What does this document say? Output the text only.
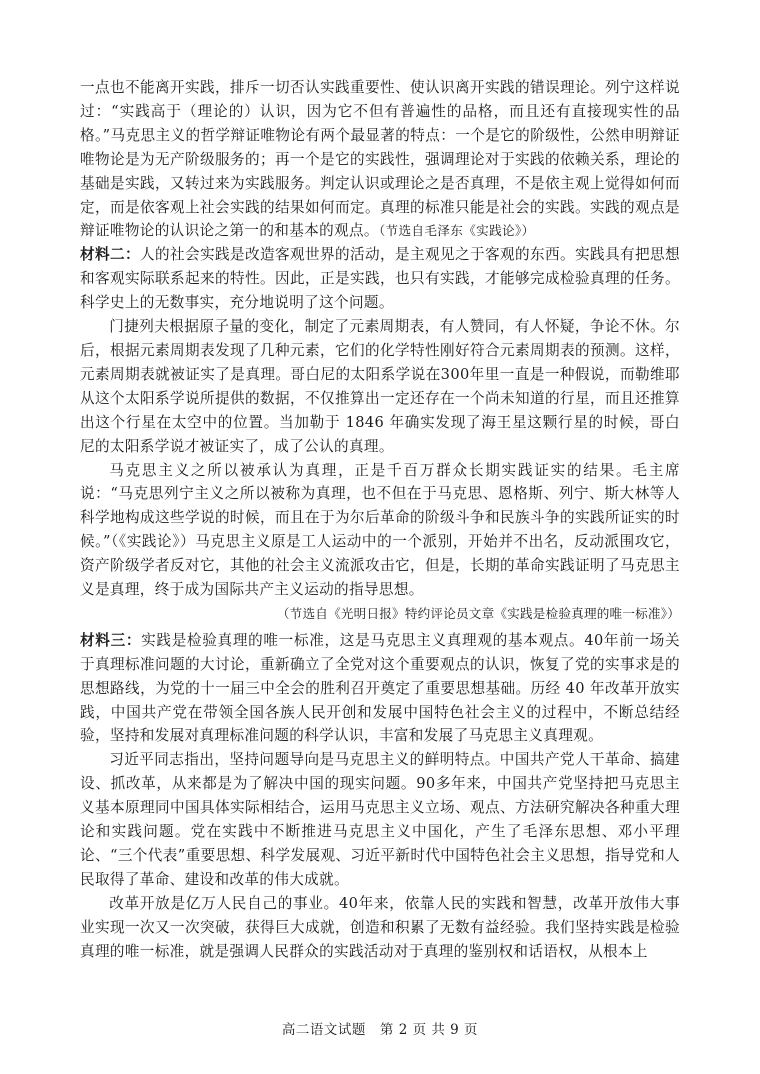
一点也不能离开实践，排斥一切否认实践重要性、使认识离开实践的错误理论。列宁这样说过：“实践高于（理论的）认识，因为它不但有普遍性的品格，而且还有直接现实性的品格。”马克思主义的哲学辩证唯物论有两个最显著的特点：一个是它的阶级性，公然申明辩证唯物论是为无产阶级服务的；再一个是它的实践性，强调理论对于实践的依赖关系，理论的基础是实践，又转过来为实践服务。判定认识或理论之是否真理，不是依主观上觉得如何而定，而是依客观上社会实践的结果如何而定。真理的标准只能是社会的实践。实践的观点是辩证唯物论的认识论之第一的和基本的观点。（节选自毛泽东《实践论》）

材料二：人的社会实践是改造客观世界的活动，是主观见之于客观的东西。实践具有把思想和客观实际联系起来的特性。因此，正是实践，也只有实践，才能够完成检验真理的任务。科学史上的无数事实，充分地说明了这个问题。

门捷列夫根据原子量的变化，制定了元素周期表，有人赞同，有人怀疑，争论不休。尔后，根据元素周期表发现了几种元素，它们的化学特性刚好符合元素周期表的预测。这样，元素周期表就被证实了是真理。哥白尼的太阳系学说在300年里一直是一种假说，而勒维耶从这个太阳系学说所提供的数据，不仅推算出一定还存在一个尚未知道的行星，而且还推算出这个行星在太空中的位置。当加勒于 1846 年确实发现了海王星这颗行星的时候，哥白尼的太阳系学说才被证实了，成了公认的真理。

马克思主义之所以被承认为真理，正是千百万群众长期实践证实的结果。毛主席说：“马克思列宁主义之所以被称为真理，也不但在于马克思、恩格斯、列宁、斯大林等人科学地构成这些学说的时候，而且在于为尔后革命的阶级斗争和民族斗争的实践所证实的时候。”（《实践论》）马克思主义原是工人运动中的一个派别，开始并不出名，反动派围攻它，资产阶级学者反对它，其他的社会主义流派攻击它，但是，长期的革命实践证明了马克思主义是真理，终于成为国际共产主义运动的指导思想。

（节选自《光明日报》特约评论员文章《实践是检验真理的唯一标准》）

材料三：实践是检验真理的唯一标准，这是马克思主义真理观的基本观点。40年前一场关于真理标准问题的大讨论，重新确立了全党对这个重要观点的认识，恢复了党的实事求是的思想路线，为党的十一届三中全会的胜利召开奠定了重要思想基础。历经 40 年改革开放实践，中国共产党在带领全国各族人民开创和发展中国特色社会主义的过程中，不断总结经验，坚持和发展对真理标准问题的科学认识，丰富和发展了马克思主义真理观。

习近平同志指出，坚持问题导向是马克思主义的鲜明特点。中国共产党人干革命、搞建设、抓改革，从来都是为了解决中国的现实问题。90多年来，中国共产党坚持把马克思主义基本原理同中国具体实际相结合，运用马克思主义立场、观点、方法研究解决各种重大理论和实践问题。党在实践中不断推进马克思主义中国化，产生了毛泽东思想、邓小平理论、“三个代表”重要思想、科学发展观、习近平新时代中国特色社会主义思想，指导党和人民取得了革命、建设和改革的伟大成就。

改革开放是亿万人民自己的事业。40年来，依靠人民的实践和智慧，改革开放伟大事业实现一次又一次突破，获得巨大成就，创造和积累了无数有益经验。我们坚持实践是检验真理的唯一标准，就是强调人民群众的实践活动对于真理的鉴别权和话语权，从根本上

高二语文试题　第 2 页 共 9 页
